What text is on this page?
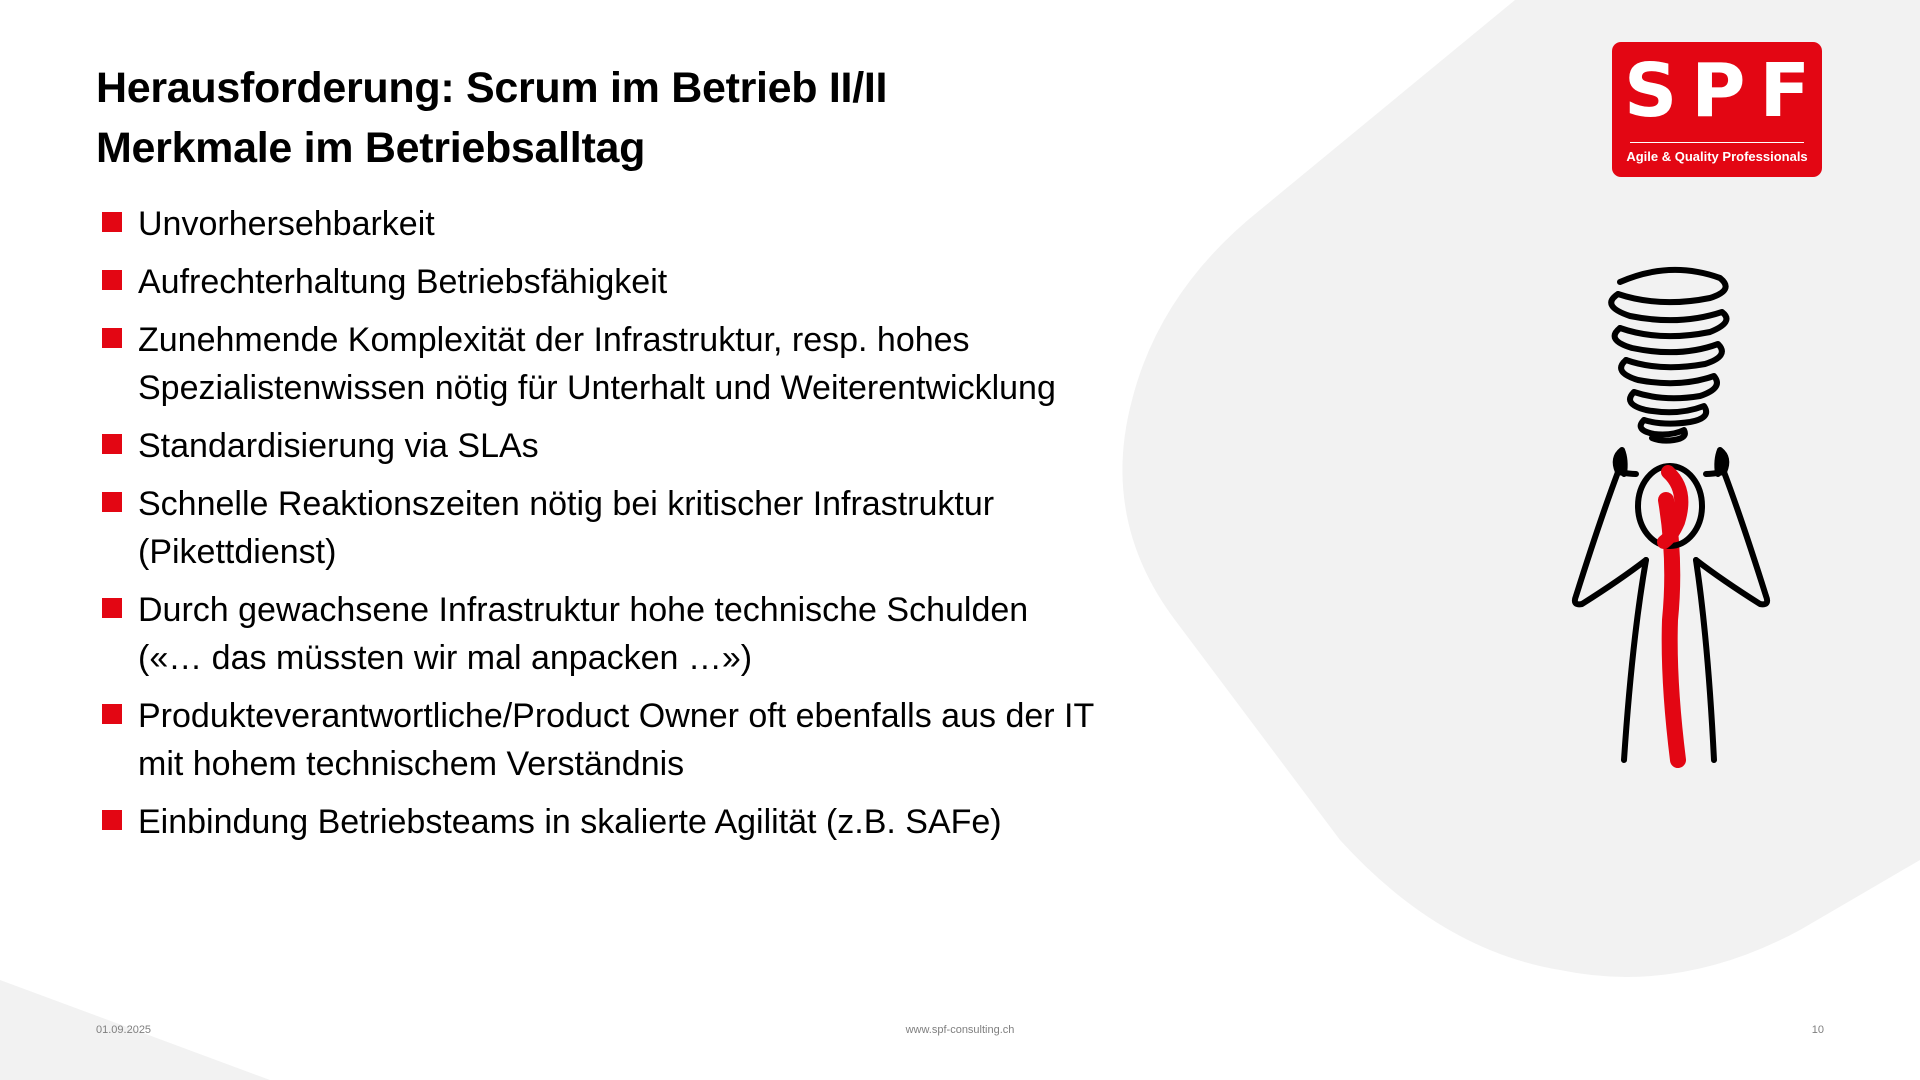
Herausforderung: Scrum im Betrieb II/II
Merkmale im Betriebsalltag
Unvorhersehbarkeit
Aufrechterhaltung Betriebsfähigkeit
Zunehmende Komplexität der Infrastruktur, resp. hohes
Spezialistenwissen nötig für Unterhalt und Weiterentwicklung
Standardisierung via SLAs
Schnelle Reaktionszeiten nötig bei kritischer Infrastruktur
(Pikettdienst)
Durch gewachsene Infrastruktur hohe technische Schulden
(«… das müssten wir mal anpacken …»)
Produkteverantwortliche/Product Owner oft ebenfalls aus der IT
mit hohem technischem Verständnis
Einbindung Betriebsteams in skalierte Agilität (z.B. SAFe)
SPF
Agile & Quality Professionals
01.09.2025	www.spf-consulting.ch	10
